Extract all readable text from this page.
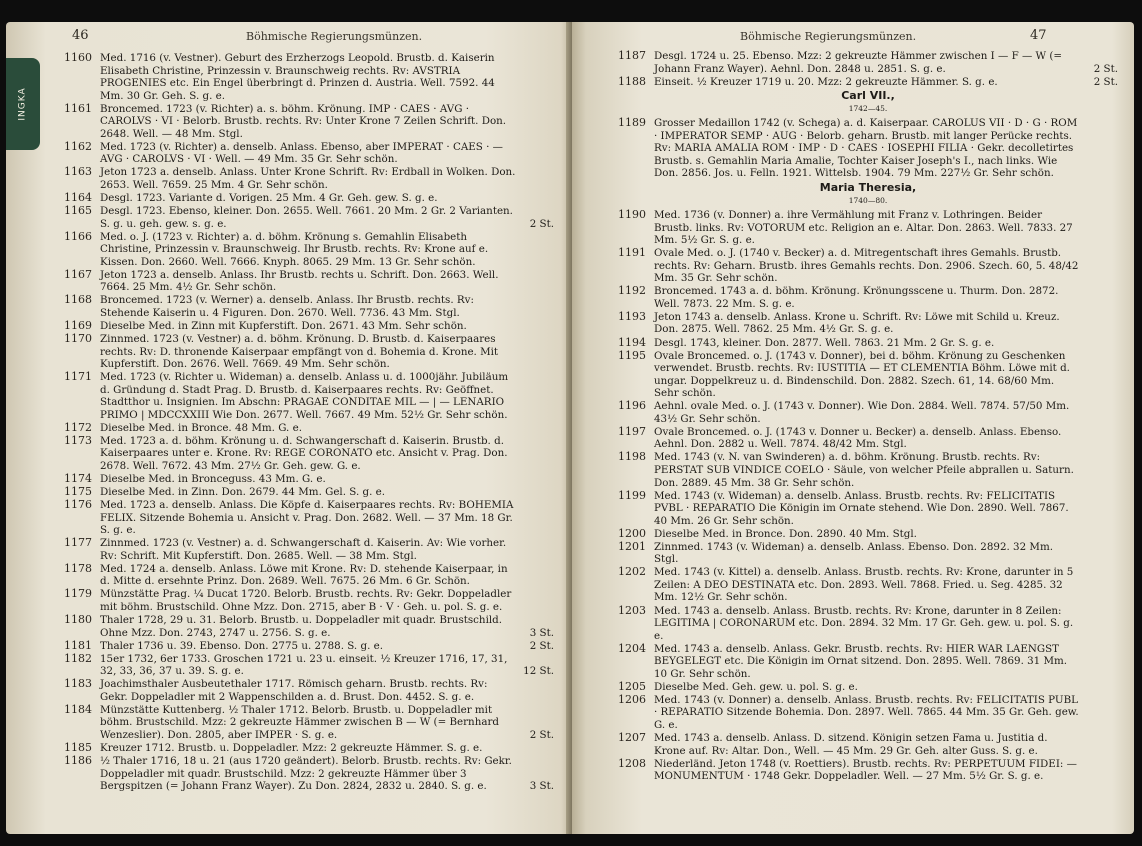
INGKA
46	Böhmische Regierungsmünzen.	Böhmische Regierungsmünzen.	47
1160 Med. 1716 (v. Vestner). Geburt des Erzherzogs Leopold. Brustb. d. Kaiserin Elisabeth Christine, Prinzessin v. Braunschweig rechts. Rv: AVSTRIA PROGENIES etc. Ein Engel überbringt d. Prinzen d. Austria. Well. 7592. 44 Mm. 30 Gr. Geh. S. g. e.
1161 Broncemed. 1723 (v. Richter) a. s. böhm. Krönung. IMP · CAES · AVG · CAROLVS · VI · Belorb. Brustb. rechts. Rv: Unter Krone 7 Zeilen Schrift. Don. 2648. Well. — 48 Mm. Stgl.
1162 Med. 1723 (v. Richter) a. denselb. Anlass. Ebenso, aber IMPERAT · CAES · — AVG · CAROLVS · VI · Well. — 49 Mm. 35 Gr. Sehr schön.
1163 Jeton 1723 a. denselb. Anlass. Unter Krone Schrift. Rv: Erdball in Wolken. Don. 2653. Well. 7659. 25 Mm. 4 Gr. Sehr schön.
1164 Desgl. 1723. Variante d. Vorigen. 25 Mm. 4 Gr. Geh. gew. S. g. e.
1165 Desgl. 1723. Ebenso, kleiner. Don. 2655. Well. 7661. 20 Mm. 2 Gr. 2 Varianten. S. g. u. geh. gew. s. g. e.	2 St.
1166 Med. o. J. (1723 v. Richter) a. d. böhm. Krönung s. Gemahlin Elisabeth Christine, Prinzessin v. Braunschweig. Ihr Brustb. rechts. Rv: Krone auf e. Kissen. Don. 2660. Well. 7666. Knyph. 8065. 29 Mm. 13 Gr. Sehr schön.
1167 Jeton 1723 a. denselb. Anlass. Ihr Brustb. rechts u. Schrift. Don. 2663. Well. 7664. 25 Mm. 4½ Gr. Sehr schön.
1168 Broncemed. 1723 (v. Werner) a. denselb. Anlass. Ihr Brustb. rechts. Rv: Stehende Kaiserin u. 4 Figuren. Don. 2670. Well. 7736. 43 Mm. Stgl.
1169 Dieselbe Med. in Zinn mit Kupferstift. Don. 2671. 43 Mm. Sehr schön.
1170 Zinnmed. 1723 (v. Vestner) a. d. böhm. Krönung. D. Brustb. d. Kaiserpaares rechts. Rv: D. thronende Kaiserpaar empfängt von d. Bohemia d. Krone. Mit Kupferstift. Don. 2676. Well. 7669. 49 Mm. Sehr schön.
1171 Med. 1723 (v. Richter u. Wideman) a. denselb. Anlass u. d. 1000jähr. Jubiläum d. Gründung d. Stadt Prag. D. Brustb. d. Kaiserpaares rechts. Rv: Geöffnet. Stadtthor u. Insignien. Im Abschn: PRAGAE CONDITAE MIL — | — LENARIO PRIMO | MDCCXXIII Wie Don. 2677. Well. 7667. 49 Mm. 52½ Gr. Sehr schön.
1172 Dieselbe Med. in Bronce. 48 Mm. G. e.
1173 Med. 1723 a. d. böhm. Krönung u. d. Schwangerschaft d. Kaiserin. Brustb. d. Kaiserpaares unter e. Krone. Rv: REGE CORONATO etc. Ansicht v. Prag. Don. 2678. Well. 7672. 43 Mm. 27½ Gr. Geh. gew. G. e.
1174 Dieselbe Med. in Bronceguss. 43 Mm. G. e.
1175 Dieselbe Med. in Zinn. Don. 2679. 44 Mm. Gel. S. g. e.
1176 Med. 1723 a. denselb. Anlass. Die Köpfe d. Kaiserpaares rechts. Rv: BOHEMIA FELIX. Sitzende Bohemia u. Ansicht v. Prag. Don. 2682. Well. — 37 Mm. 18 Gr. S. g. e.
1177 Zinnmed. 1723 (v. Vestner) a. d. Schwangerschaft d. Kaiserin. Av: Wie vorher. Rv: Schrift. Mit Kupferstift. Don. 2685. Well. — 38 Mm. Stgl.
1178 Med. 1724 a. denselb. Anlass. Löwe mit Krone. Rv: D. stehende Kaiserpaar, in d. Mitte d. ersehnte Prinz. Don. 2689. Well. 7675. 26 Mm. 6 Gr. Schön.
1179 Münzstätte Prag. ¼ Ducat 1720. Belorb. Brustb. rechts. Rv: Gekr. Doppeladler mit böhm. Brustschild. Ohne Mzz. Don. 2715, aber B · V · Geh. u. pol. S. g. e.
1180 Thaler 1728, 29 u. 31. Belorb. Brustb. u. Doppeladler mit quadr. Brustschild. Ohne Mzz. Don. 2743, 2747 u. 2756. S. g. e.	3 St.
1181 Thaler 1736 u. 39. Ebenso. Don. 2775 u. 2788. S. g. e.	2 St.
1182 15er 1732, 6er 1733. Groschen 1721 u. 23 u. einseit. ½ Kreuzer 1716, 17, 31, 32, 33, 36, 37 u. 39. S. g. e.	12 St.
1183 Joachimsthaler Ausbeutethaler 1717. Römisch geharn. Brustb. rechts. Rv: Gekr. Doppeladler mit 2 Wappenschilden a. d. Brust. Don. 4452. S. g. e.
1184 Münzstätte Kuttenberg. ½ Thaler 1712. Belorb. Brustb. u. Doppeladler mit böhm. Brustschild. Mzz: 2 gekreuzte Hämmer zwischen B — W (= Bernhard Wenzeslier). Don. 2805, aber IMPER · S. g. e.	2 St.
1185 Kreuzer 1712. Brustb. u. Doppeladler. Mzz: 2 gekreuzte Hämmer. S. g. e.
1186 ½ Thaler 1716, 18 u. 21 (aus 1720 geändert). Belorb. Brustb. rechts. Rv: Gekr. Doppeladler mit quadr. Brustschild. Mzz: 2 gekreuzte Hämmer über 3 Bergspitzen (= Johann Franz Wayer). Zu Don. 2824, 2832 u. 2840. S. g. e.	3 St.
1187 Desgl. 1724 u. 25. Ebenso. Mzz: 2 gekreuzte Hämmer zwischen I — F — W (= Johann Franz Wayer). Aehnl. Don. 2848 u. 2851. S. g. e.	2 St.
1188 Einseit. ½ Kreuzer 1719 u. 20. Mzz: 2 gekreuzte Hämmer. S. g. e.	2 St.
Carl VII.,
1742—45.
1189 Grosser Medaillon 1742 (v. Schega) a. d. Kaiserpaar. CAROLUS VII · D · G · ROM · IMPERATOR SEMP · AUG · Belorb. geharn. Brustb. mit langer Perücke rechts. Rv: MARIA AMALIA ROM · IMP · D · CAES · IOSEPHI FILIA · Gekr. decolletirtes Brustb. s. Gemahlin Maria Amalie, Tochter Kaiser Joseph's I., nach links. Wie Don. 2856. Jos. u. Felln. 1921. Wittelsb. 1904. 79 Mm. 227½ Gr. Sehr schön.
Maria Theresia,
1740—80.
1190 Med. 1736 (v. Donner) a. ihre Vermählung mit Franz v. Lothringen. Beider Brustb. links. Rv: VOTORUM etc. Religion an e. Altar. Don. 2863. Well. 7833. 27 Mm. 5½ Gr. S. g. e.
1191 Ovale Med. o. J. (1740 v. Becker) a. d. Mitregentschaft ihres Gemahls. Brustb. rechts. Rv: Geharn. Brustb. ihres Gemahls rechts. Don. 2906. Szech. 60, 5. 48/42 Mm. 35 Gr. Sehr schön.
1192 Broncemed. 1743 a. d. böhm. Krönung. Krönungsscene u. Thurm. Don. 2872. Well. 7873. 22 Mm. S. g. e.
1193 Jeton 1743 a. denselb. Anlass. Krone u. Schrift. Rv: Löwe mit Schild u. Kreuz. Don. 2875. Well. 7862. 25 Mm. 4½ Gr. S. g. e.
1194 Desgl. 1743, kleiner. Don. 2877. Well. 7863. 21 Mm. 2 Gr. S. g. e.
1195 Ovale Broncemed. o. J. (1743 v. Donner), bei d. böhm. Krönung zu Geschenken verwendet. Brustb. rechts. Rv: IUSTITIA — ET CLEMENTIA Böhm. Löwe mit d. ungar. Doppelkreuz u. d. Bindenschild. Don. 2882. Szech. 61, 14. 68/60 Mm. Sehr schön.
1196 Aehnl. ovale Med. o. J. (1743 v. Donner). Wie Don. 2884. Well. 7874. 57/50 Mm. 43½ Gr. Sehr schön.
1197 Ovale Broncemed. o. J. (1743 v. Donner u. Becker) a. denselb. Anlass. Ebenso. Aehnl. Don. 2882 u. Well. 7874. 48/42 Mm. Stgl.
1198 Med. 1743 (v. N. van Swinderen) a. d. böhm. Krönung. Brustb. rechts. Rv: PERSTAT SUB VINDICE COELO · Säule, von welcher Pfeile abprallen u. Saturn. Don. 2889. 45 Mm. 38 Gr. Sehr schön.
1199 Med. 1743 (v. Wideman) a. denselb. Anlass. Brustb. rechts. Rv: FELICITATIS PVBL · REPARATIO Die Königin im Ornate stehend. Wie Don. 2890. Well. 7867. 40 Mm. 26 Gr. Sehr schön.
1200 Dieselbe Med. in Bronce. Don. 2890. 40 Mm. Stgl.
1201 Zinnmed. 1743 (v. Wideman) a. denselb. Anlass. Ebenso. Don. 2892. 32 Mm. Stgl.
1202 Med. 1743 (v. Kittel) a. denselb. Anlass. Brustb. rechts. Rv: Krone, darunter in 5 Zeilen: A DEO DESTINATA etc. Don. 2893. Well. 7868. Fried. u. Seg. 4285. 32 Mm. 12½ Gr. Sehr schön.
1203 Med. 1743 a. denselb. Anlass. Brustb. rechts. Rv: Krone, darunter in 8 Zeilen: LEGITIMA | CORONARUM etc. Don. 2894. 32 Mm. 17 Gr. Geh. gew. u. pol. S. g. e.
1204 Med. 1743 a. denselb. Anlass. Gekr. Brustb. rechts. Rv: HIER WAR LAENGST BEYGELEGT etc. Die Königin im Ornat sitzend. Don. 2895. Well. 7869. 31 Mm. 10 Gr. Sehr schön.
1205 Dieselbe Med. Geh. gew. u. pol. S. g. e.
1206 Med. 1743 (v. Donner) a. denselb. Anlass. Brustb. rechts. Rv: FELICITATIS PUBL · REPARATIO Sitzende Bohemia. Don. 2897. Well. 7865. 44 Mm. 35 Gr. Geh. gew. G. e.
1207 Med. 1743 a. denselb. Anlass. D. sitzend. Königin setzen Fama u. Justitia d. Krone auf. Rv: Altar. Don., Well. — 45 Mm. 29 Gr. Geh. alter Guss. S. g. e.
1208 Niederländ. Jeton 1748 (v. Roettiers). Brustb. rechts. Rv: PERPETUUM FIDEI: — MONUMENTUM · 1748 Gekr. Doppeladler. Well. — 27 Mm. 5½ Gr. S. g. e.
